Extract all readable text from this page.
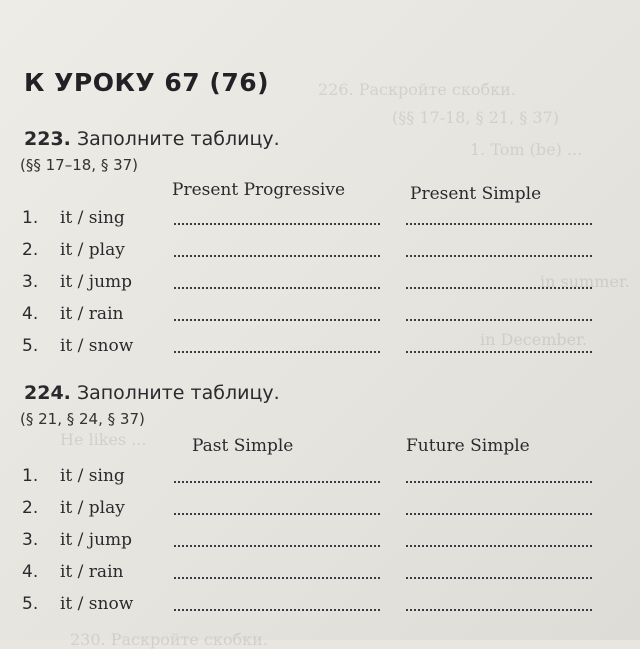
226. Раскройте скобки.
(§§ 17-18, § 21, § 37)
1. Tom (be) ...
in summer.
in December.
He likes ...
230. Раскройте скобки.
К УРОКУ 67 (76)
223. Заполните таблицу.
(§§ 17–18, § 37)
Present Progressive	Present Simple
1. it / sing
2. it / play
3. it / jump
4. it / rain
5. it / snow
224. Заполните таблицу.
(§ 21, § 24, § 37)
Past Simple	Future Simple
1. it / sing
2. it / play
3. it / jump
4. it / rain
5. it / snow
